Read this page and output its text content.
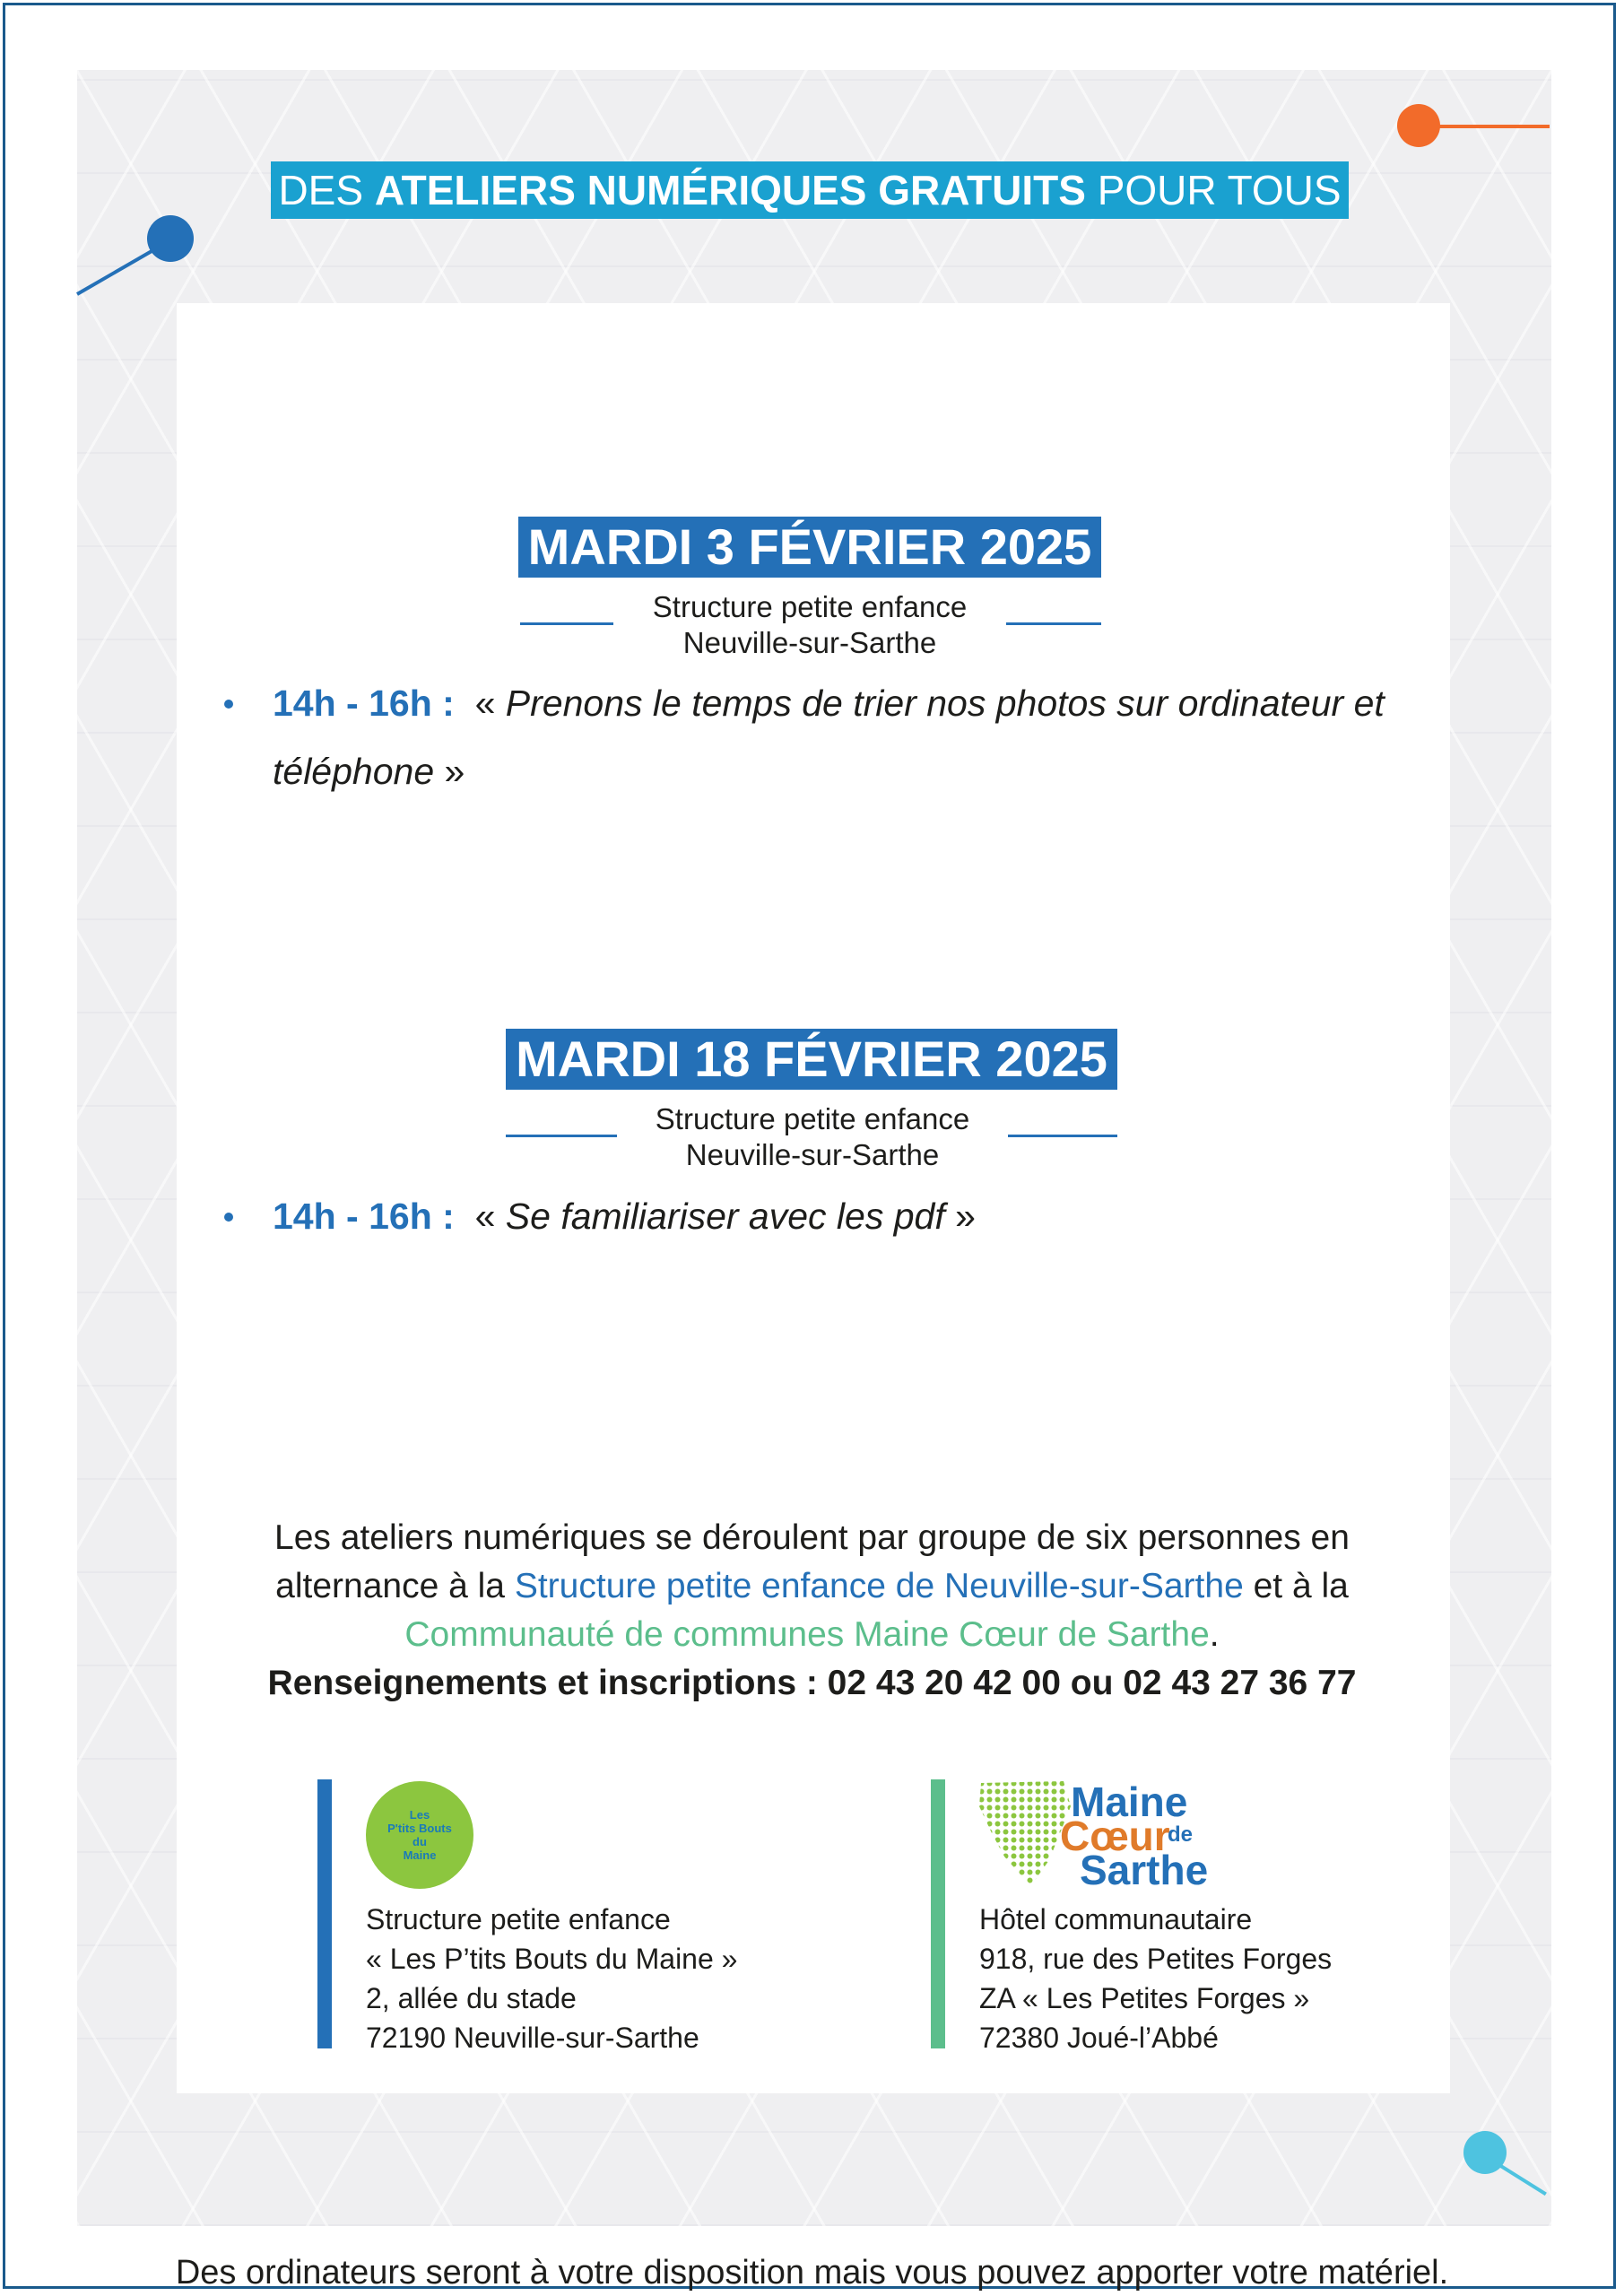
DES ATELIERS NUMÉRIQUES GRATUITS POUR TOUS
MARDI 3 FÉVRIER 2025
Structure petite enfance
Neuville-sur-Sarthe
14h - 16h : « Prenons le temps de trier nos photos sur ordinateur et téléphone »
MARDI 18 FÉVRIER 2025
Structure petite enfance
Neuville-sur-Sarthe
14h - 16h : « Se familiariser avec les pdf »
Les ateliers numériques se déroulent par groupe de six personnes en
alternance à la Structure petite enfance de Neuville-sur-Sarthe et à la
Communauté de communes Maine Cœur de Sarthe.
Renseignements et inscriptions : 02 43 20 42 00 ou 02 43 27 36 77
Les
P'tits Bouts
du
Maine
Structure petite enfance
« Les P’tits Bouts du Maine »
2, allée du stade
72190 Neuville-sur-Sarthe
Maine
Cœur
de
Sarthe
Hôtel communautaire
918, rue des Petites Forges
ZA « Les Petites Forges »
72380 Joué-l’Abbé
Des ordinateurs seront à votre disposition mais vous pouvez apporter votre matériel.
